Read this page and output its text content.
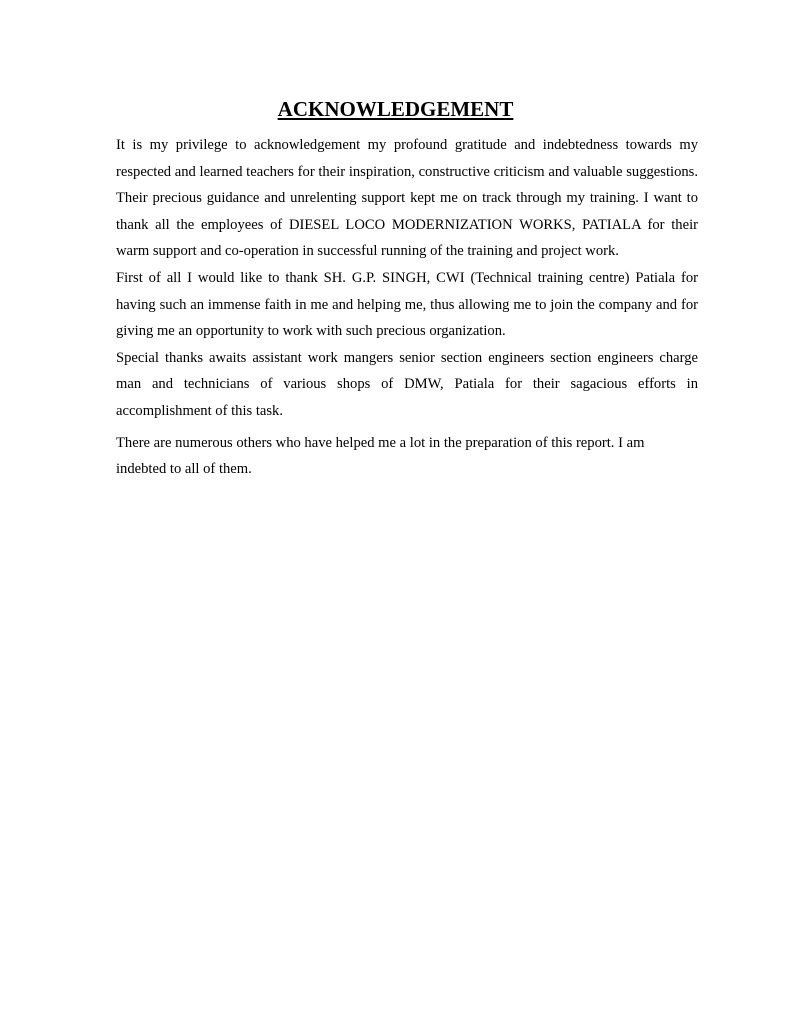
ACKNOWLEDGEMENT

It is my privilege to acknowledgement my profound gratitude and indebtedness towards my respected and learned teachers for their inspiration, constructive criticism and valuable suggestions. Their precious guidance and unrelenting support kept me on track through my training. I want to thank all the employees of DIESEL LOCO MODERNIZATION WORKS, PATIALA for their warm support and co-operation in successful running of the training and project work.

First of all I would like to thank SH. G.P. SINGH, CWI (Technical training centre) Patiala for having such an immense faith in me and helping me, thus allowing me to join the company and for giving me an opportunity to work with such precious organization.

Special thanks awaits assistant work mangers senior section engineers section engineers charge man and technicians of various shops of DMW, Patiala for their sagacious efforts in accomplishment of this task.

There are numerous others who have helped me a lot in the preparation of this report. I am indebted to all of them.
